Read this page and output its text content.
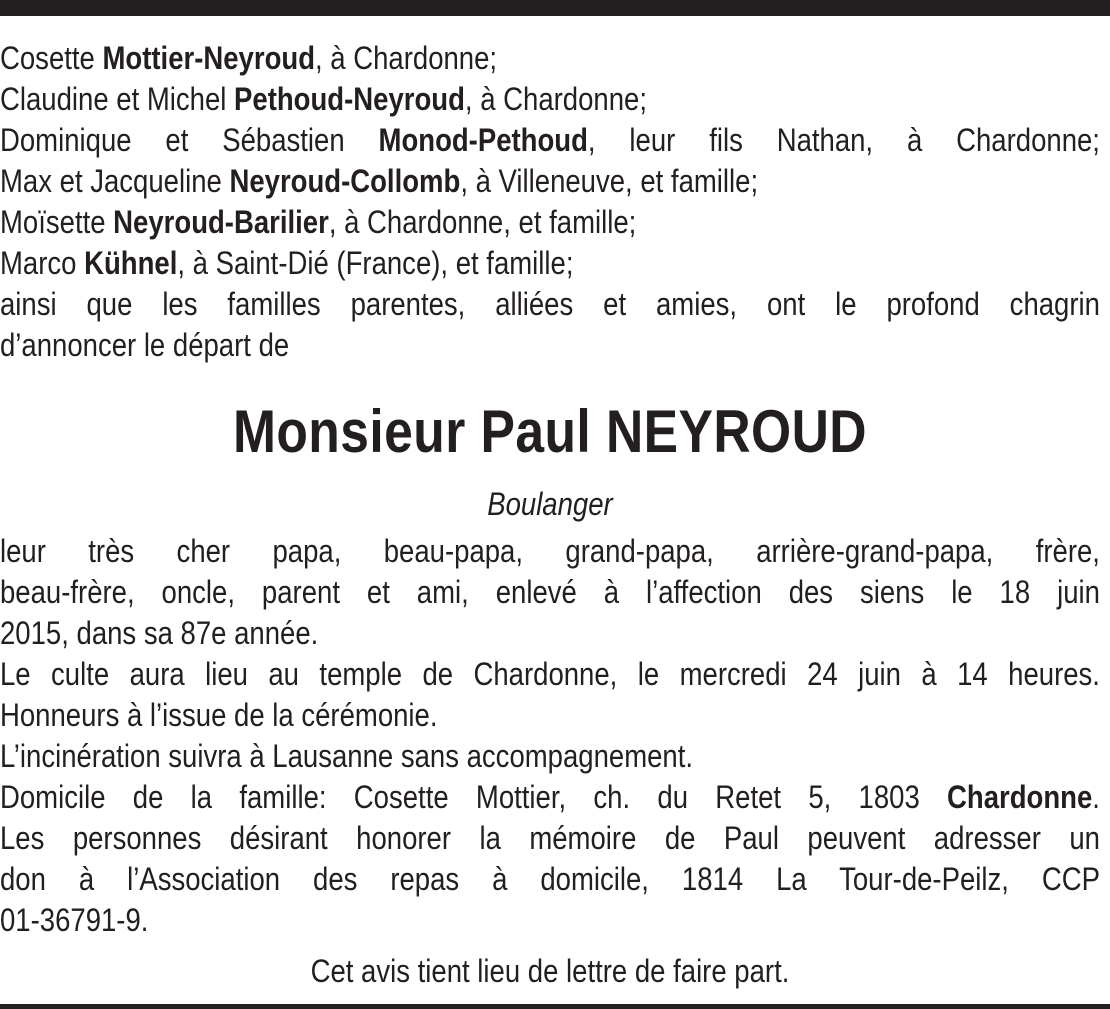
Cosette Mottier-Neyroud, à Chardonne;
Claudine et Michel Pethoud-Neyroud, à Chardonne;
Dominique et Sébastien Monod-Pethoud, leur fils Nathan, à Chardonne;
Max et Jacqueline Neyroud-Collomb, à Villeneuve, et famille;
Moïsette Neyroud-Barilier, à Chardonne, et famille;
Marco Kühnel, à Saint-Dié (France), et famille;
ainsi que les familles parentes, alliées et amies, ont le profond chagrin
d’annoncer le départ de
Monsieur Paul NEYROUD
Boulanger
leur très cher papa, beau-papa, grand-papa, arrière-grand-papa, frère,
beau-frère, oncle, parent et ami, enlevé à l’affection des siens le 18 juin
2015, dans sa 87e année.
Le culte aura lieu au temple de Chardonne, le mercredi 24 juin à 14 heures.
Honneurs à l’issue de la cérémonie.
L’incinération suivra à Lausanne sans accompagnement.
Domicile de la famille: Cosette Mottier, ch. du Retet 5, 1803 Chardonne.
Les personnes désirant honorer la mémoire de Paul peuvent adresser un
don à l’Association des repas à domicile, 1814 La Tour-de-Peilz, CCP
01-36791-9.
Cet avis tient lieu de lettre de faire part.
